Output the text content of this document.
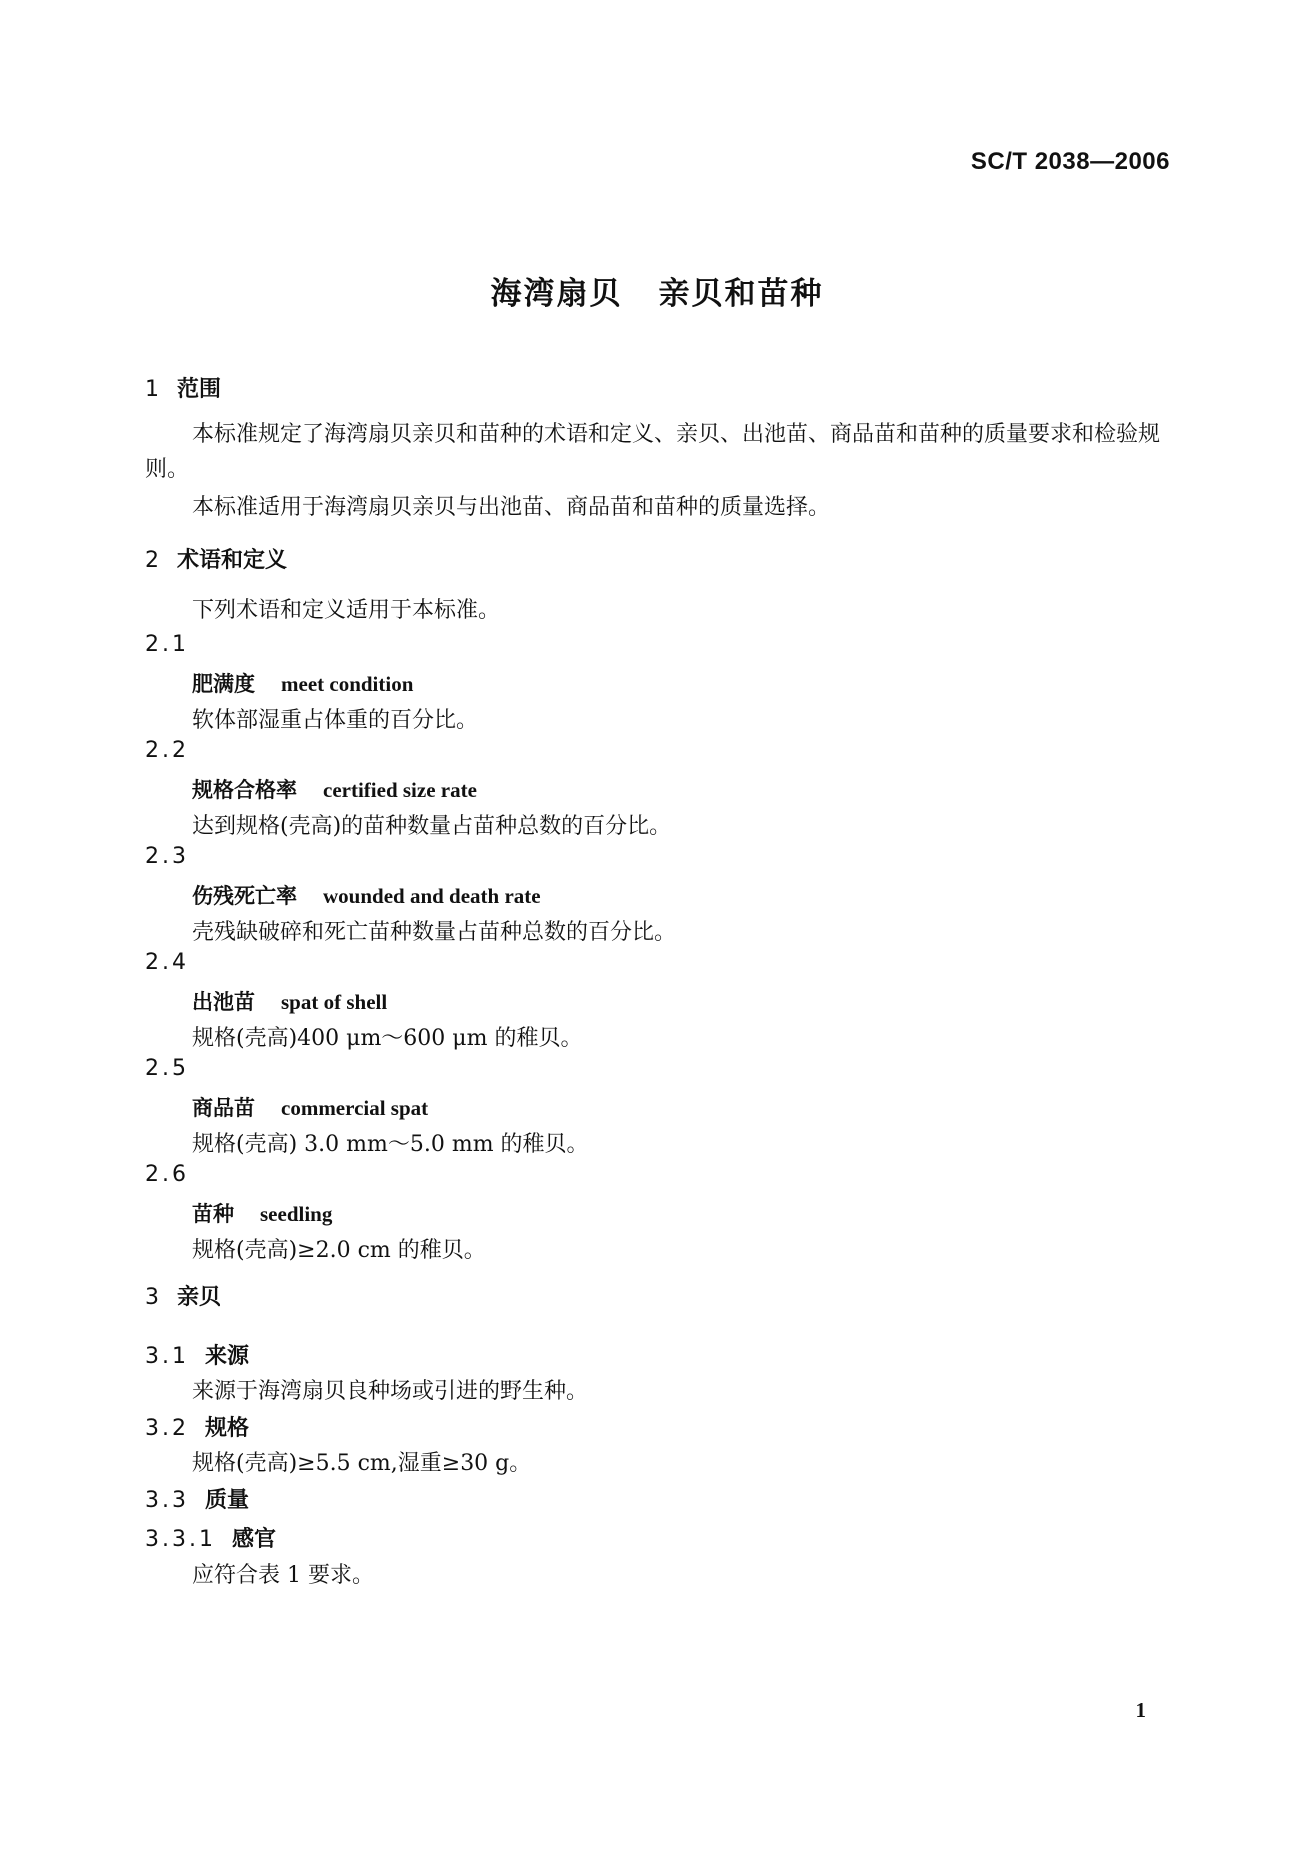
SC/T 2038—2006
海湾扇贝 亲贝和苗种
1 范围
本标准规定了海湾扇贝亲贝和苗种的术语和定义、亲贝、出池苗、商品苗和苗种的质量要求和检验规则。
本标准适用于海湾扇贝亲贝与出池苗、商品苗和苗种的质量选择。
2 术语和定义
下列术语和定义适用于本标准。
2.1
肥满度 meet condition
软体部湿重占体重的百分比。
2.2
规格合格率 certified size rate
达到规格(壳高)的苗种数量占苗种总数的百分比。
2.3
伤残死亡率 wounded and death rate
壳残缺破碎和死亡苗种数量占苗种总数的百分比。
2.4
出池苗 spat of shell
规格(壳高)400 μm～600 μm 的稚贝。
2.5
商品苗 commercial spat
规格(壳高) 3.0 mm～5.0 mm 的稚贝。
2.6
苗种 seedling
规格(壳高)≥2.0 cm 的稚贝。
3 亲贝
3.1 来源
来源于海湾扇贝良种场或引进的野生种。
3.2 规格
规格(壳高)≥5.5 cm,湿重≥30 g。
3.3 质量
3.3.1 感官
应符合表 1 要求。
1
